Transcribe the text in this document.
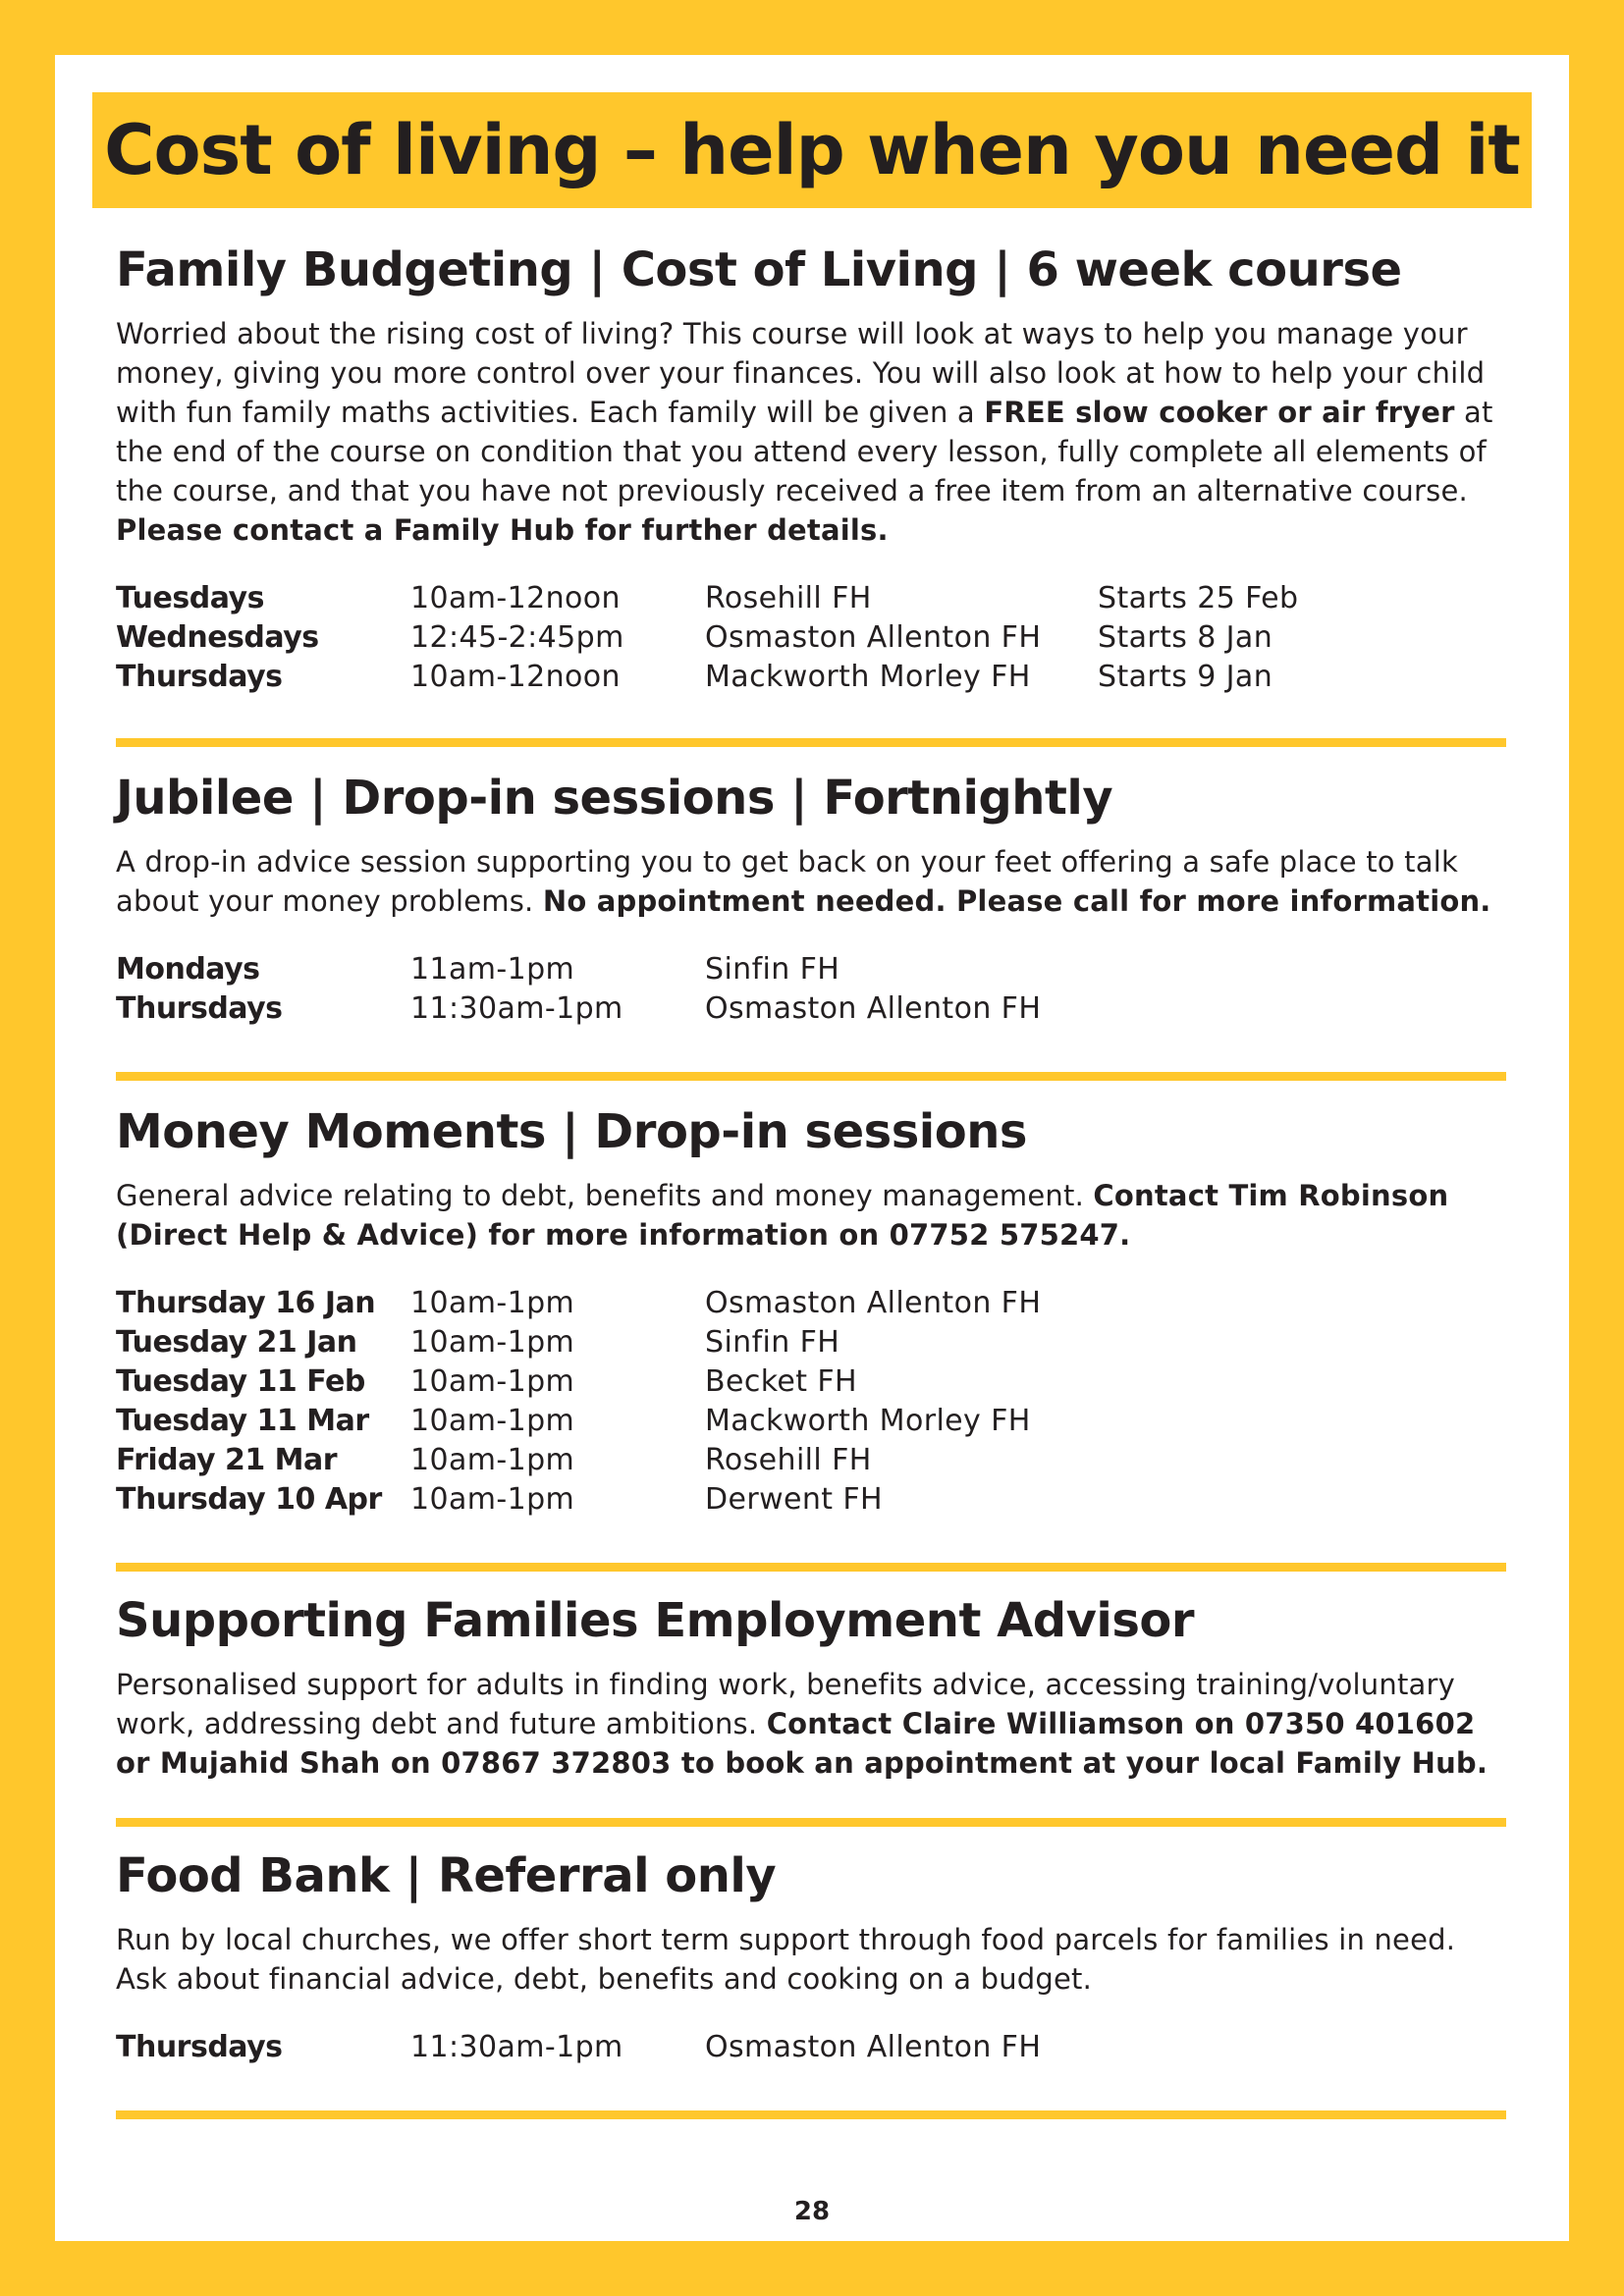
Cost of living – help when you need it
Family Budgeting | Cost of Living | 6 week course

Worried about the rising cost of living? This course will look at ways to help you manage your money, giving you more control over your finances. You will also look at how to help your child with fun family maths activities. Each family will be given a FREE slow cooker or air fryer at the end of the course on condition that you attend every lesson, fully complete all elements of the course, and that you have not previously received a free item from an alternative course. Please contact a Family Hub for further details.

Tuesdays	10am-12noon	Rosehill FH	Starts 25 Feb
Wednesdays	12:45-2:45pm	Osmaston Allenton FH	Starts 8 Jan
Thursdays	10am-12noon	Mackworth Morley FH	Starts 9 Jan
Jubilee | Drop-in sessions | Fortnightly

A drop-in advice session supporting you to get back on your feet offering a safe place to talk about your money problems. No appointment needed. Please call for more information.

Mondays	11am-1pm	Sinfin FH
Thursdays	11:30am-1pm	Osmaston Allenton FH
Money Moments | Drop-in sessions

General advice relating to debt, benefits and money management. Contact Tim Robinson (Direct Help & Advice) for more information on 07752 575247.

Thursday 16 Jan	10am-1pm	Osmaston Allenton FH
Tuesday 21 Jan	10am-1pm	Sinfin FH
Tuesday 11 Feb	10am-1pm	Becket FH
Tuesday 11 Mar	10am-1pm	Mackworth Morley FH
Friday 21 Mar	10am-1pm	Rosehill FH
Thursday 10 Apr 10am-1pm	Derwent FH
Supporting Families Employment Advisor

Personalised support for adults in finding work, benefits advice, accessing training/voluntary work, addressing debt and future ambitions. Contact Claire Williamson on 07350 401602 or Mujahid Shah on 07867 372803 to book an appointment at your local Family Hub.

Food Bank | Referral only

Run by local churches, we offer short term support through food parcels for families in need. Ask about financial advice, debt, benefits and cooking on a budget.

Thursdays	11:30am-1pm	Osmaston Allenton FH
28
